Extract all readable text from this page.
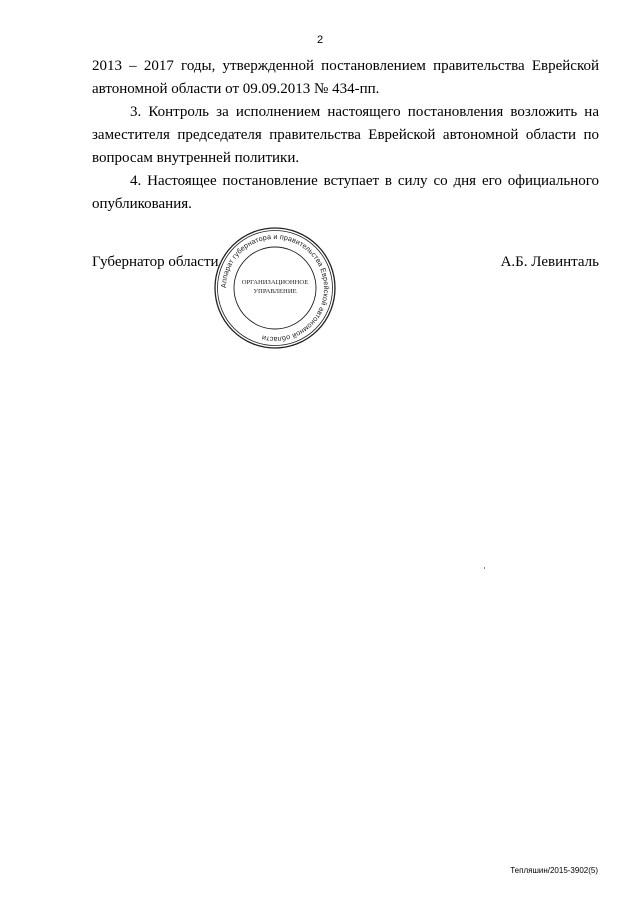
2

2013 – 2017 годы, утвержденной постановлением правительства Еврейской автономной области от 09.09.2013 № 434-пп.

3. Контроль за исполнением настоящего постановления возложить на заместителя председателя правительства Еврейской автономной области по вопросам внутренней политики.

4. Настоящее постановление вступает в силу со дня его официального опубликования.

Губернатор области	А.Б. Левинталь
Аппарат губернатора и правительства Еврейской автономной области
ОРГАНИЗАЦИОННОЕ
УПРАВЛЕНИЕ
Тепляшин/2015-3902(5)
